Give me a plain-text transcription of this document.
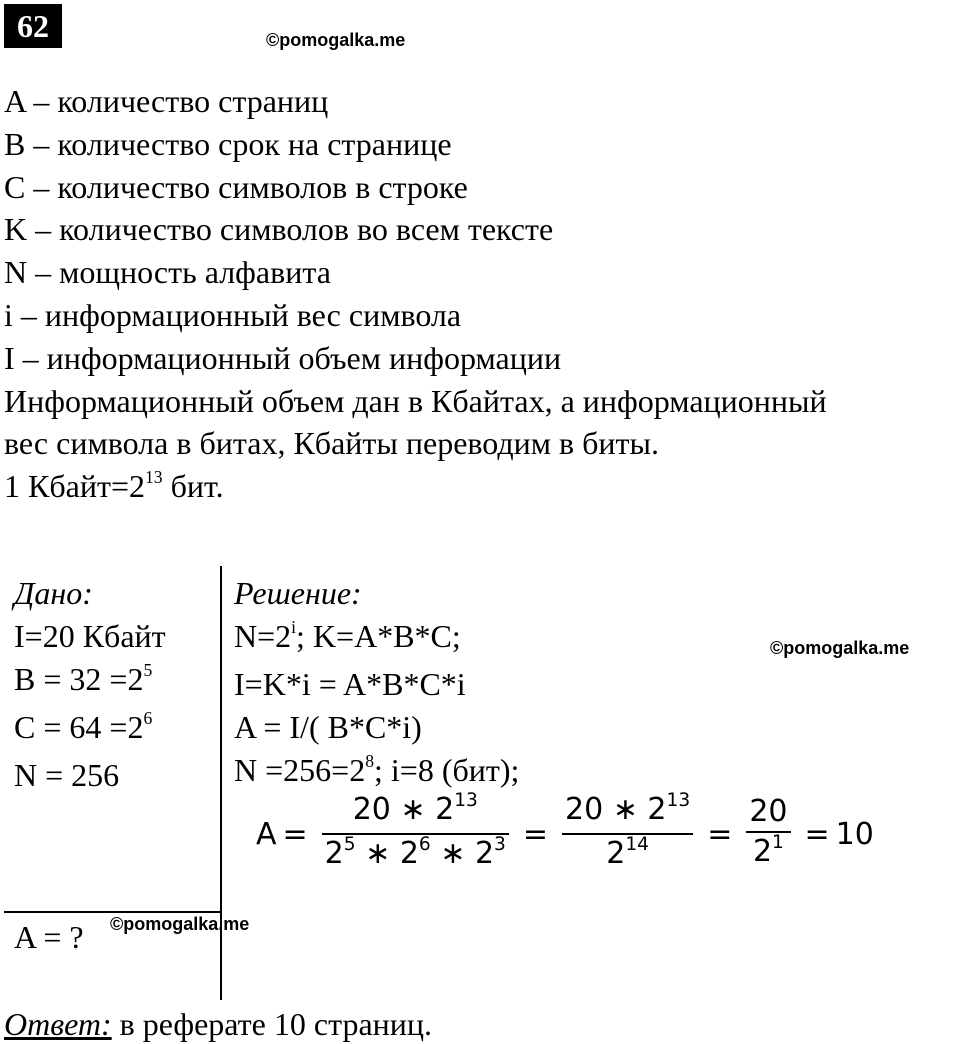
62	©pomogalka.me
A – количество страниц
B – количество срок на странице
C – количество символов в строке
K – количество символов во всем тексте
N – мощность алфавита
i – информационный вес символа
I – информационный объем информации
Информационный объем дан в Кбайтах, а информационный
вес символа в битах, Кбайты переводим в биты.
1 $Кбайт=2^{13}$ бит.
Дано:
I=20 Кбайт
$B = 32 =2^5$
$C = 64 =2^6$
N = 256
A = ? ©pomogalka.me
Решение:
$N=2^i$; K=A*B*C;
I=K*i = A*B*C*i
A = I/( B*C*i)
$N =256=2^8$; i=8 (бит);
©pomogalka.me
$A = \frac{20 ∗ 2^{13}}{2^5 ∗ 2^6 ∗ 2^3} = \frac{20 ∗ 2^{13}}{2^{14}} = \frac{20}{2^1} = 10$
Ответ: в реферате 10 страниц.
